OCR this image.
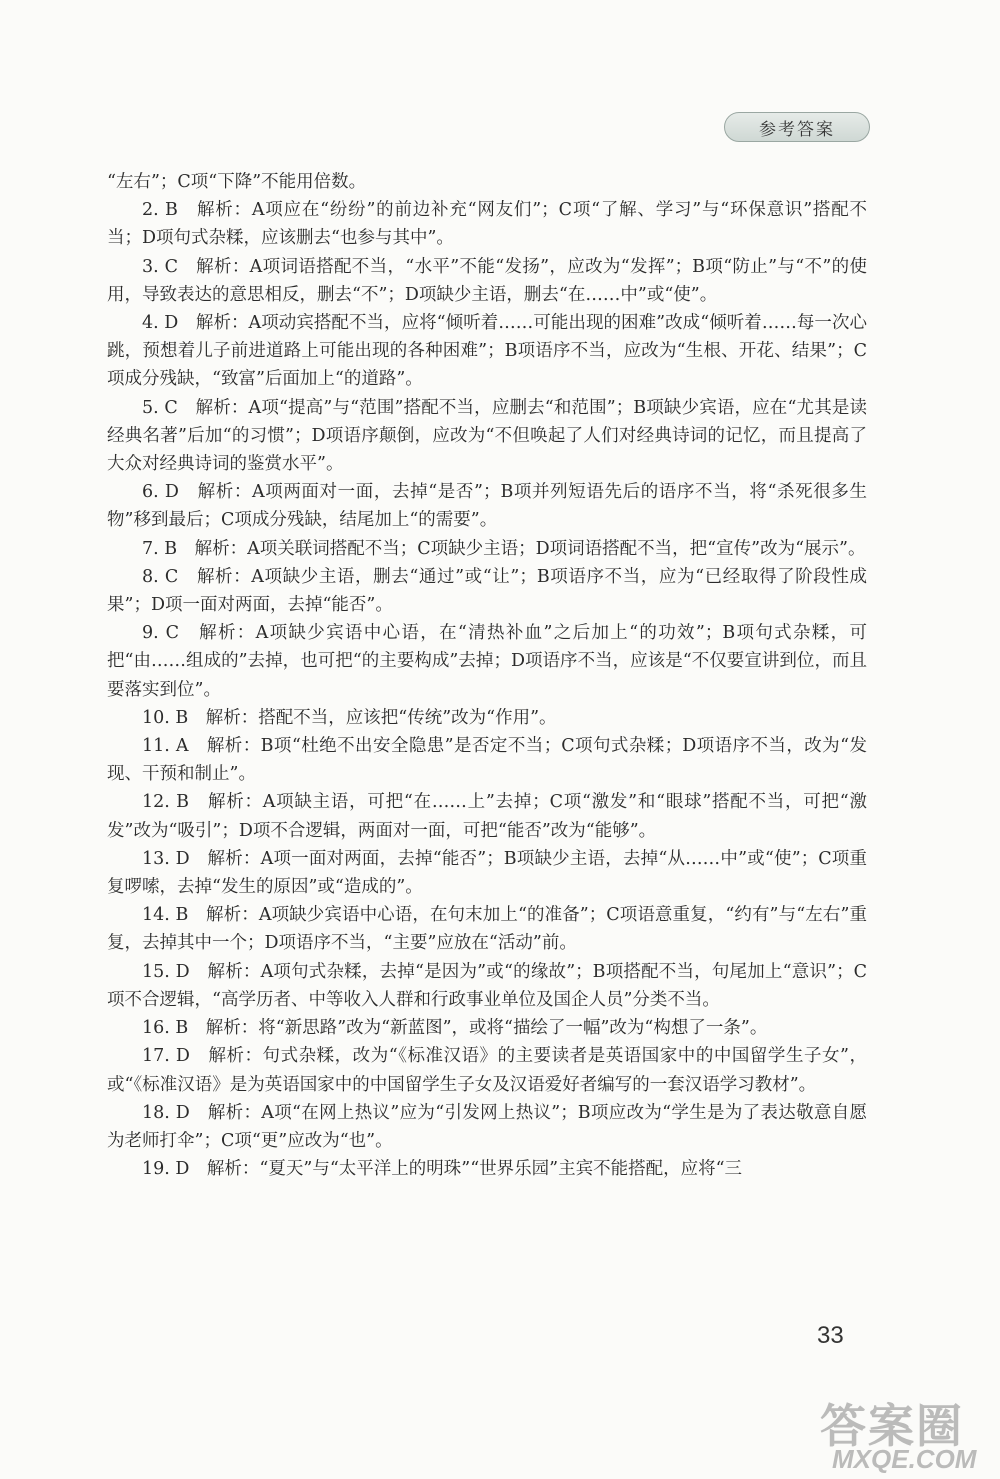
参考答案

“左右”；C项“下降”不能用倍数。

2. B　解析：A项应在“纷纷”的前边补充“网友们”；C项“了解、学习”与“环保意识”搭配不当；D项句式杂糅，应该删去“也参与其中”。

3. C　解析：A项词语搭配不当，“水平”不能“发扬”，应改为“发挥”；B项“防止”与“不”的使用，导致表达的意思相反，删去“不”；D项缺少主语，删去“在……中”或“使”。

4. D　解析：A项动宾搭配不当，应将“倾听着……可能出现的困难”改成“倾听着……每一次心跳，预想着儿子前进道路上可能出现的各种困难”；B项语序不当，应改为“生根、开花、结果”；C项成分残缺，“致富”后面加上“的道路”。

5. C　解析：A项“提高”与“范围”搭配不当，应删去“和范围”；B项缺少宾语，应在“尤其是读经典名著”后加“的习惯”；D项语序颠倒，应改为“不但唤起了人们对经典诗词的记忆，而且提高了大众对经典诗词的鉴赏水平”。

6. D　解析：A项两面对一面，去掉“是否”；B项并列短语先后的语序不当，将“杀死很多生物”移到最后；C项成分残缺，结尾加上“的需要”。

7. B　解析：A项关联词搭配不当；C项缺少主语；D项词语搭配不当，把“宣传”改为“展示”。

8. C　解析：A项缺少主语，删去“通过”或“让”；B项语序不当，应为“已经取得了阶段性成果”；D项一面对两面，去掉“能否”。

9. C　解析：A项缺少宾语中心语，在“清热补血”之后加上“的功效”；B项句式杂糅，可把“由……组成的”去掉，也可把“的主要构成”去掉；D项语序不当，应该是“不仅要宣讲到位，而且要落实到位”。

10. B　解析：搭配不当，应该把“传统”改为“作用”。

11. A　解析：B项“杜绝不出安全隐患”是否定不当；C项句式杂糅；D项语序不当，改为“发现、干预和制止”。

12. B　解析：A项缺主语，可把“在……上”去掉；C项“激发”和“眼球”搭配不当，可把“激发”改为“吸引”；D项不合逻辑，两面对一面，可把“能否”改为“能够”。

13. D　解析：A项一面对两面，去掉“能否”；B项缺少主语，去掉“从……中”或“使”；C项重复啰嗦，去掉“发生的原因”或“造成的”。

14. B　解析：A项缺少宾语中心语，在句末加上“的准备”；C项语意重复，“约有”与“左右”重复，去掉其中一个；D项语序不当，“主要”应放在“活动”前。

15. D　解析：A项句式杂糅，去掉“是因为”或“的缘故”；B项搭配不当，句尾加上“意识”；C项不合逻辑，“高学历者、中等收入人群和行政事业单位及国企人员”分类不当。

16. B　解析：将“新思路”改为“新蓝图”，或将“描绘了一幅”改为“构想了一条”。

17. D　解析：句式杂糅，改为“《标准汉语》的主要读者是英语国家中的中国留学生子女”，或“《标准汉语》是为英语国家中的中国留学生子女及汉语爱好者编写的一套汉语学习教材”。

18. D　解析：A项“在网上热议”应为“引发网上热议”；B项应改为“学生是为了表达敬意自愿为老师打伞”；C项“更”应改为“也”。

19. D　解析：“夏天”与“太平洋上的明珠”“世界乐园”主宾不能搭配，应将“三

33
答案圈
MXQE.COM
